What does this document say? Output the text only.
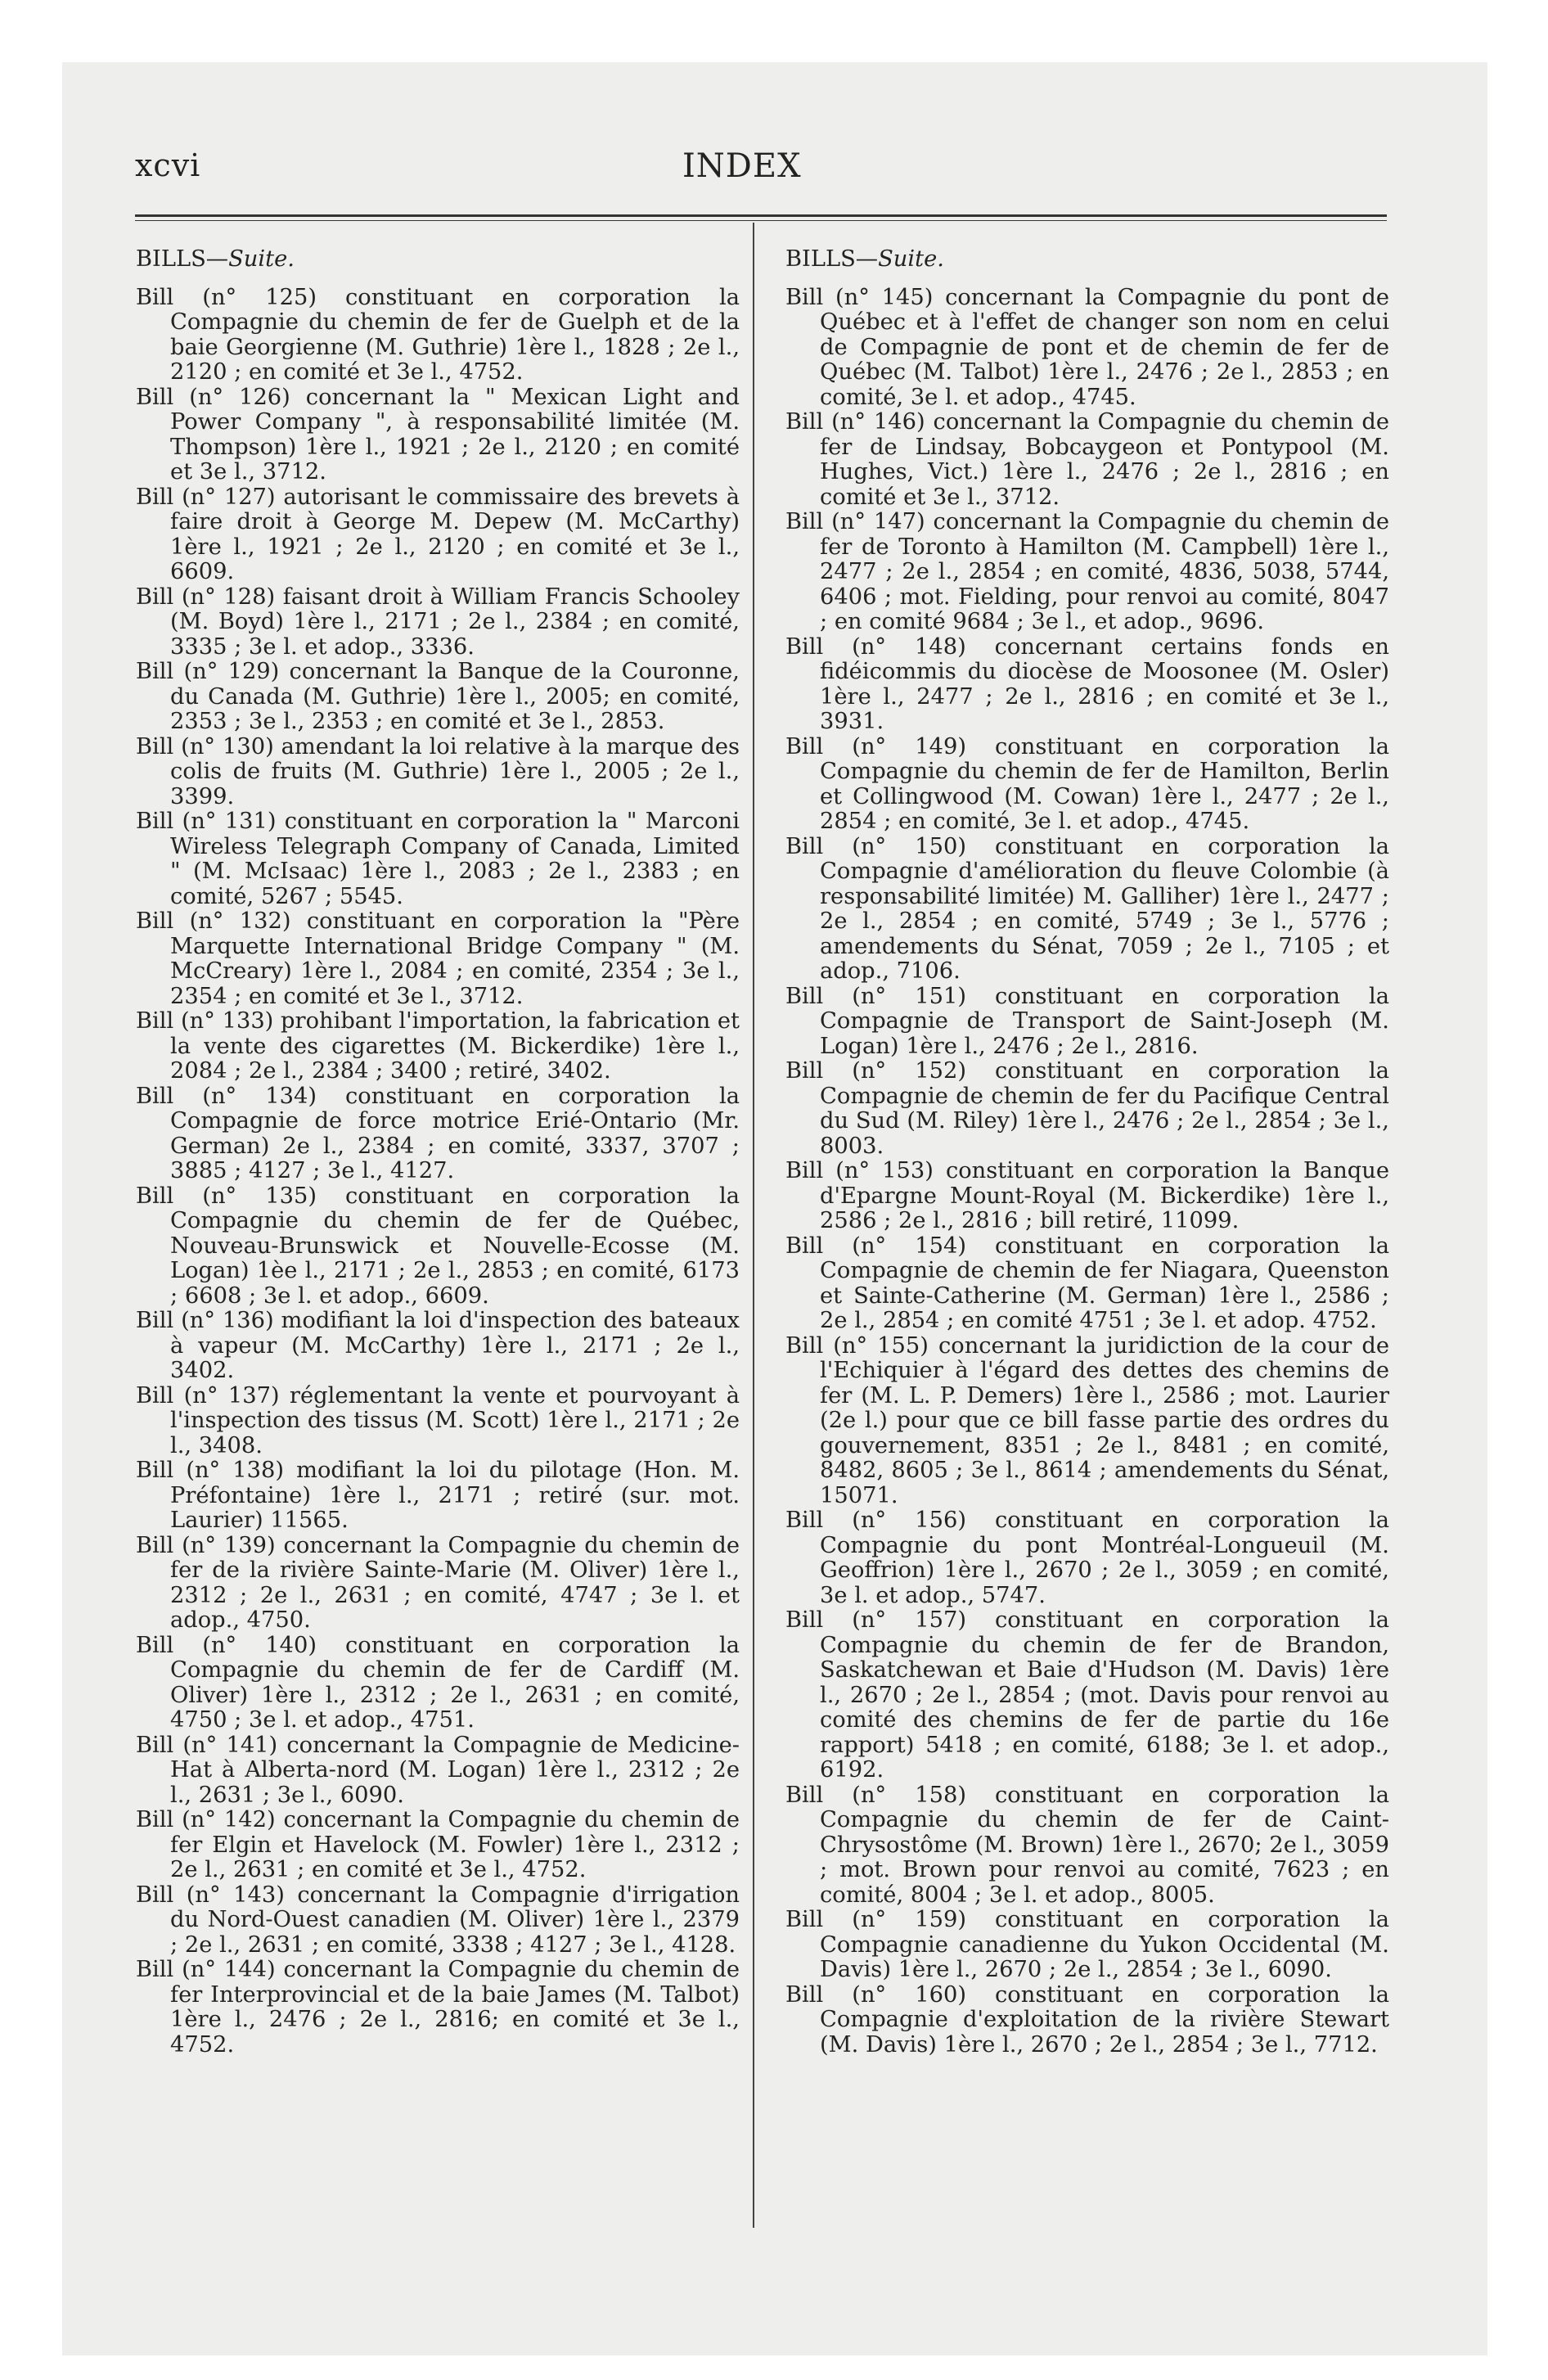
xcvi	INDEX

BILLS—Suite.

Bill (n° 125) constituant en corporation la Compagnie du chemin de fer de Guelph et de la baie Georgienne (M. Guthrie) 1ère l., 1828 ; 2e l., 2120 ; en comité et 3e l., 4752.

Bill (n° 126) concernant la " Mexican Light and Power Company ", à responsabilité limitée (M. Thompson) 1ère l., 1921 ; 2e l., 2120 ; en comité et 3e l., 3712.

Bill (n° 127) autorisant le commissaire des brevets à faire droit à George M. Depew (M. McCarthy) 1ère l., 1921 ; 2e l., 2120 ; en comité et 3e l., 6609.

Bill (n° 128) faisant droit à William Francis Schooley (M. Boyd) 1ère l., 2171 ; 2e l., 2384 ; en comité, 3335 ; 3e l. et adop., 3336.

Bill (n° 129) concernant la Banque de la Couronne, du Canada (M. Guthrie) 1ère l., 2005; en comité, 2353 ; 3e l., 2353 ; en comité et 3e l., 2853.

Bill (n° 130) amendant la loi relative à la marque des colis de fruits (M. Guthrie) 1ère l., 2005 ; 2e l., 3399.

Bill (n° 131) constituant en corporation la " Marconi Wireless Telegraph Company of Canada, Limited " (M. McIsaac) 1ère l., 2083 ; 2e l., 2383 ; en comité, 5267 ; 5545.

Bill (n° 132) constituant en corporation la "Père Marquette International Bridge Company " (M. McCreary) 1ère l., 2084 ; en comité, 2354 ; 3e l., 2354 ; en comité et 3e l., 3712.

Bill (n° 133) prohibant l'importation, la fabrication et la vente des cigarettes (M. Bickerdike) 1ère l., 2084 ; 2e l., 2384 ; 3400 ; retiré, 3402.

Bill (n° 134) constituant en corporation la Compagnie de force motrice Erié-Ontario (Mr. German) 2e l., 2384 ; en comité, 3337, 3707 ; 3885 ; 4127 ; 3e l., 4127.

Bill (n° 135) constituant en corporation la Compagnie du chemin de fer de Québec, Nouveau-Brunswick et Nouvelle-Ecosse (M. Logan) 1èe l., 2171 ; 2e l., 2853 ; en comité, 6173 ; 6608 ; 3e l. et adop., 6609.

Bill (n° 136) modifiant la loi d'inspection des bateaux à vapeur (M. McCarthy) 1ère l., 2171 ; 2e l., 3402.

Bill (n° 137) réglementant la vente et pourvoyant à l'inspection des tissus (M. Scott) 1ère l., 2171 ; 2e l., 3408.

Bill (n° 138) modifiant la loi du pilotage (Hon. M. Préfontaine) 1ère l., 2171 ; retiré (sur. mot. Laurier) 11565.

Bill (n° 139) concernant la Compagnie du chemin de fer de la rivière Sainte-Marie (M. Oliver) 1ère l., 2312 ; 2e l., 2631 ; en comité, 4747 ; 3e l. et adop., 4750.

Bill (n° 140) constituant en corporation la Compagnie du chemin de fer de Cardiff (M. Oliver) 1ère l., 2312 ; 2e l., 2631 ; en comité, 4750 ; 3e l. et adop., 4751.

Bill (n° 141) concernant la Compagnie de Medicine-Hat à Alberta-nord (M. Logan) 1ère l., 2312 ; 2e l., 2631 ; 3e l., 6090.

Bill (n° 142) concernant la Compagnie du chemin de fer Elgin et Havelock (M. Fowler) 1ère l., 2312 ; 2e l., 2631 ; en comité et 3e l., 4752.

Bill (n° 143) concernant la Compagnie d'irrigation du Nord-Ouest canadien (M. Oliver) 1ère l., 2379 ; 2e l., 2631 ; en comité, 3338 ; 4127 ; 3e l., 4128.

Bill (n° 144) concernant la Compagnie du chemin de fer Interprovincial et de la baie James (M. Talbot) 1ère l., 2476 ; 2e l., 2816; en comité et 3e l., 4752.

BILLS—Suite.

Bill (n° 145) concernant la Compagnie du pont de Québec et à l'effet de changer son nom en celui de Compagnie de pont et de chemin de fer de Québec (M. Talbot) 1ère l., 2476 ; 2e l., 2853 ; en comité, 3e l. et adop., 4745.

Bill (n° 146) concernant la Compagnie du chemin de fer de Lindsay, Bobcaygeon et Pontypool (M. Hughes, Vict.) 1ère l., 2476 ; 2e l., 2816 ; en comité et 3e l., 3712.

Bill (n° 147) concernant la Compagnie du chemin de fer de Toronto à Hamilton (M. Campbell) 1ère l., 2477 ; 2e l., 2854 ; en comité, 4836, 5038, 5744, 6406 ; mot. Fielding, pour renvoi au comité, 8047 ; en comité 9684 ; 3e l., et adop., 9696.

Bill (n° 148) concernant certains fonds en fidéicommis du diocèse de Moosonee (M. Osler) 1ère l., 2477 ; 2e l., 2816 ; en comité et 3e l., 3931.

Bill (n° 149) constituant en corporation la Compagnie du chemin de fer de Hamilton, Berlin et Collingwood (M. Cowan) 1ère l., 2477 ; 2e l., 2854 ; en comité, 3e l. et adop., 4745.

Bill (n° 150) constituant en corporation la Compagnie d'amélioration du fleuve Colombie (à responsabilité limitée) M. Galliher) 1ère l., 2477 ; 2e l., 2854 ; en comité, 5749 ; 3e l., 5776 ; amendements du Sénat, 7059 ; 2e l., 7105 ; et adop., 7106.

Bill (n° 151) constituant en corporation la Compagnie de Transport de Saint-Joseph (M. Logan) 1ère l., 2476 ; 2e l., 2816.

Bill (n° 152) constituant en corporation la Compagnie de chemin de fer du Pacifique Central du Sud (M. Riley) 1ère l., 2476 ; 2e l., 2854 ; 3e l., 8003.

Bill (n° 153) constituant en corporation la Banque d'Epargne Mount-Royal (M. Bickerdike) 1ère l., 2586 ; 2e l., 2816 ; bill retiré, 11099.

Bill (n° 154) constituant en corporation la Compagnie de chemin de fer Niagara, Queenston et Sainte-Catherine (M. German) 1ère l., 2586 ; 2e l., 2854 ; en comité 4751 ; 3e l. et adop. 4752.

Bill (n° 155) concernant la juridiction de la cour de l'Echiquier à l'égard des dettes des chemins de fer (M. L. P. Demers) 1ère l., 2586 ; mot. Laurier (2e l.) pour que ce bill fasse partie des ordres du gouvernement, 8351 ; 2e l., 8481 ; en comité, 8482, 8605 ; 3e l., 8614 ; amendements du Sénat, 15071.

Bill (n° 156) constituant en corporation la Compagnie du pont Montréal-Longueuil (M. Geoffrion) 1ère l., 2670 ; 2e l., 3059 ; en comité, 3e l. et adop., 5747.

Bill (n° 157) constituant en corporation la Compagnie du chemin de fer de Brandon, Saskatchewan et Baie d'Hudson (M. Davis) 1ère l., 2670 ; 2e l., 2854 ; (mot. Davis pour renvoi au comité des chemins de fer de partie du 16e rapport) 5418 ; en comité, 6188; 3e l. et adop., 6192.

Bill (n° 158) constituant en corporation la Compagnie du chemin de fer de Caint-Chrysostôme (M. Brown) 1ère l., 2670; 2e l., 3059 ; mot. Brown pour renvoi au comité, 7623 ; en comité, 8004 ; 3e l. et adop., 8005.

Bill (n° 159) constituant en corporation la Compagnie canadienne du Yukon Occidental (M. Davis) 1ère l., 2670 ; 2e l., 2854 ; 3e l., 6090.

Bill (n° 160) constituant en corporation la Compagnie d'exploitation de la rivière Stewart (M. Davis) 1ère l., 2670 ; 2e l., 2854 ; 3e l., 7712.
